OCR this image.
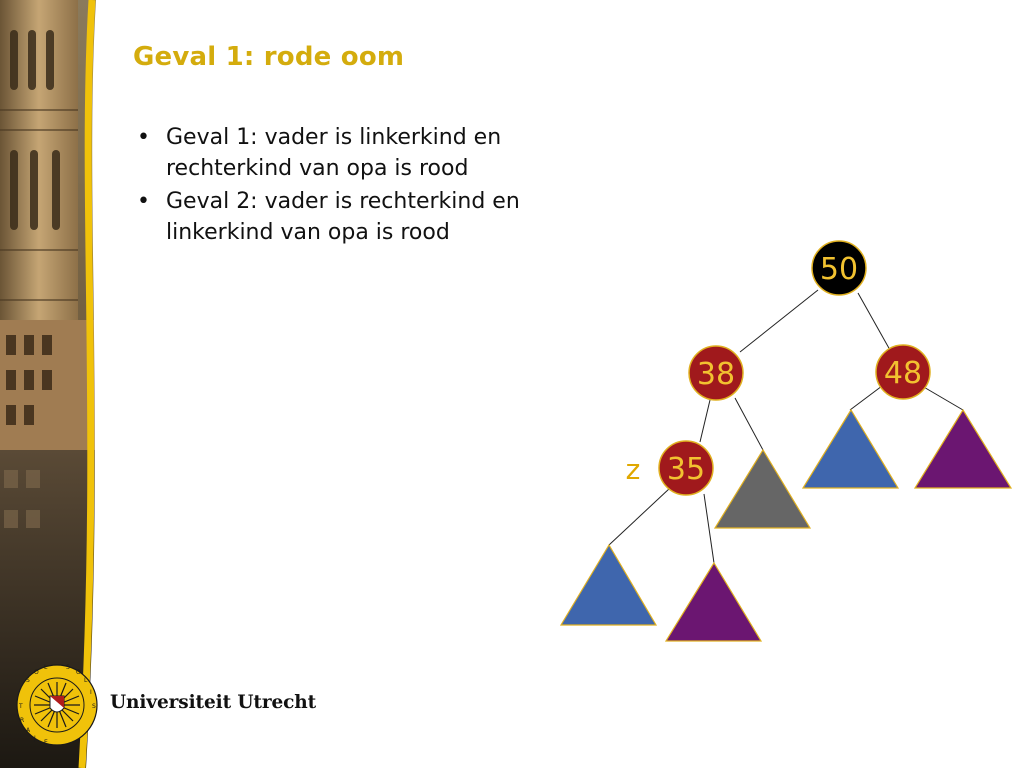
Geval 1: rode oom
• Geval 1: vader is linkerkind en rechterkind van opa is rood
• Geval 2: vader is rechterkind en linkerkind van opa is rood
50
38	48
35
z
S
O
L	S
O
L
I
S
T
R
A
J
E
Universiteit Utrecht
